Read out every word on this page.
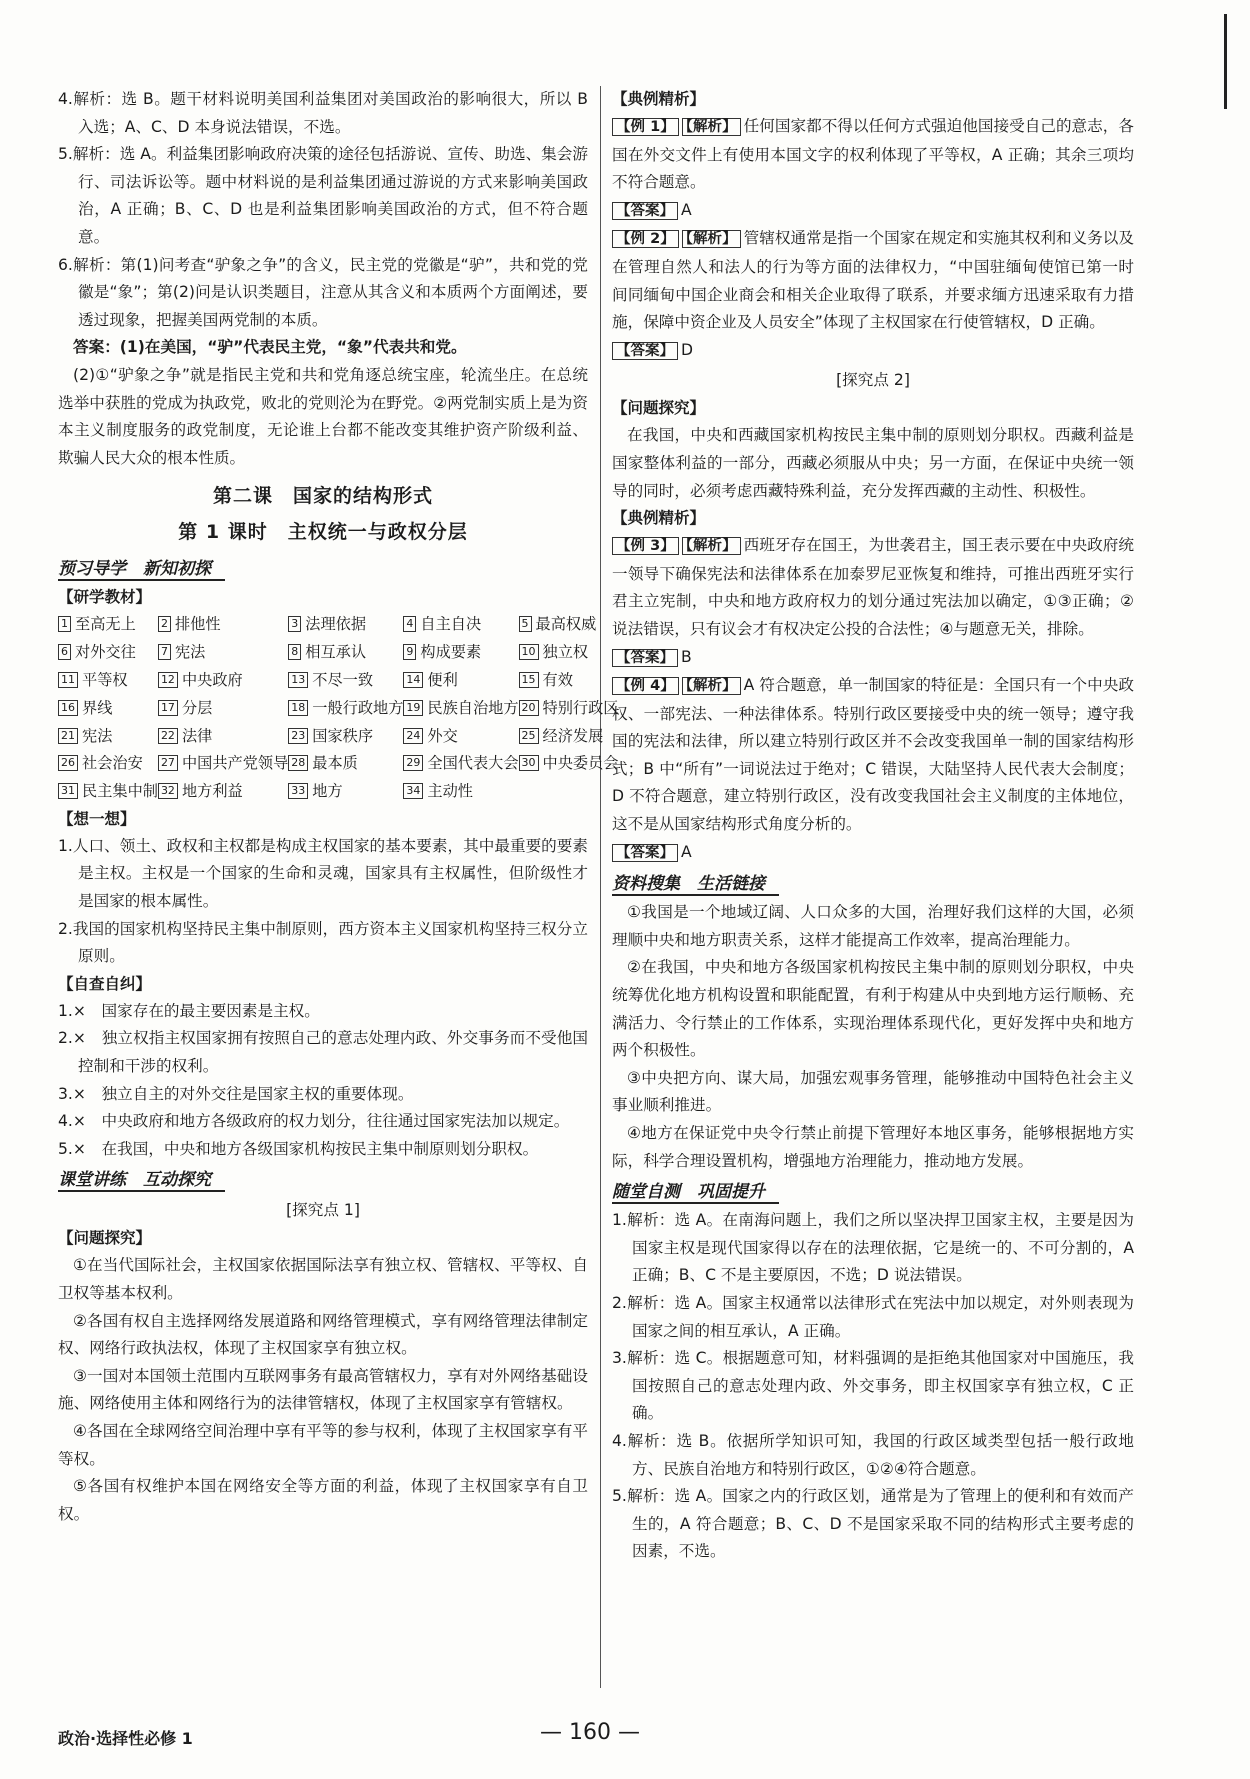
4.解析：选 B。题干材料说明美国利益集团对美国政治的影响很大，所以 B 入选；A、C、D 本身说法错误，不选。

5.解析：选 A。利益集团影响政府决策的途径包括游说、宣传、助选、集会游行、司法诉讼等。题中材料说的是利益集团通过游说的方式来影响美国政治，A 正确；B、C、D 也是利益集团影响美国政治的方式，但不符合题意。

6.解析：第(1)问考查“驴象之争”的含义，民主党的党徽是“驴”，共和党的党徽是“象”；第(2)问是认识类题目，注意从其含义和本质两个方面阐述，要透过现象，把握美国两党制的本质。

答案：(1)在美国，“驴”代表民主党，“象”代表共和党。

(2)①“驴象之争”就是指民主党和共和党角逐总统宝座，轮流坐庄。在总统选举中获胜的党成为执政党，败北的党则沦为在野党。②两党制实质上是为资本主义制度服务的政党制度，无论谁上台都不能改变其维护资产阶级利益、欺骗人民大众的根本性质。

第二课　国家的结构形式
第 1 课时　主权统一与政权分层
预习导学　新知初探
【研学教材】
1 至高无上	2 排他性	3 法理依据	4 自主自决	5 最高权威
6 对外交往	7 宪法	8 相互承认	9 构成要素	10 独立权
11 平等权	12 中央政府	13 不尽一致	14 便利	15 有效
16 界线	17 分层	18 一般行政地方 19 民族自治地方 20 特别行政区
21 宪法	22 法律	23 国家秩序	24 外交	25 经济发展
26 社会治安	27 中国共产党领导 28 最本质	29 全国代表大会 30 中央委员会
31 民主集中制 32 地方利益	33 地方	34 主动性
【想一想】

1.人口、领土、政权和主权都是构成主权国家的基本要素，其中最重要的要素是主权。主权是一个国家的生命和灵魂，国家具有主权属性，但阶级性才是国家的根本属性。

2.我国的国家机构坚持民主集中制原则，西方资本主义国家机构坚持三权分立原则。

【自查自纠】

1.×　国家存在的最主要因素是主权。

2.×　独立权指主权国家拥有按照自己的意志处理内政、外交事务而不受他国控制和干涉的权利。

3.×　独立自主的对外交往是国家主权的重要体现。

4.×　中央政府和地方各级政府的权力划分，往往通过国家宪法加以规定。

5.×　在我国，中央和地方各级国家机构按民主集中制原则划分职权。

课堂讲练　互动探究
[探究点 1]
【问题探究】

①在当代国际社会，主权国家依据国际法享有独立权、管辖权、平等权、自卫权等基本权利。

②各国有权自主选择网络发展道路和网络管理模式，享有网络管理法律制定权、网络行政执法权，体现了主权国家享有独立权。

③一国对本国领土范围内互联网事务有最高管辖权力，享有对外网络基础设施、网络使用主体和网络行为的法律管辖权，体现了主权国家享有管辖权。

④各国在全球网络空间治理中享有平等的参与权利，体现了主权国家享有平等权。

⑤各国有权维护本国在网络安全等方面的利益，体现了主权国家享有自卫权。

【典例精析】

【例 1】 【解析】 任何国家都不得以任何方式强迫他国接受自己的意志，各国在外交文件上有使用本国文字的权利体现了平等权，A 正确；其余三项均不符合题意。

【答案】 A

【例 2】 【解析】 管辖权通常是指一个国家在规定和实施其权利和义务以及在管理自然人和法人的行为等方面的法律权力，“中国驻缅甸使馆已第一时间同缅甸中国企业商会和相关企业取得了联系，并要求缅方迅速采取有力措施，保障中资企业及人员安全”体现了主权国家在行使管辖权，D 正确。

【答案】 D

[探究点 2]
【问题探究】

在我国，中央和西藏国家机构按民主集中制的原则划分职权。西藏利益是国家整体利益的一部分，西藏必须服从中央；另一方面，在保证中央统一领导的同时，必须考虑西藏特殊利益，充分发挥西藏的主动性、积极性。

【典例精析】

【例 3】 【解析】 西班牙存在国王，为世袭君主，国王表示要在中央政府统一领导下确保宪法和法律体系在加泰罗尼亚恢复和维持，可推出西班牙实行君主立宪制，中央和地方政府权力的划分通过宪法加以确定，①③正确；②说法错误，只有议会才有权决定公投的合法性；④与题意无关，排除。

【答案】 B

【例 4】 【解析】 A 符合题意，单一制国家的特征是：全国只有一个中央政权、一部宪法、一种法律体系。特别行政区要接受中央的统一领导；遵守我国的宪法和法律，所以建立特别行政区并不会改变我国单一制的国家结构形式；B 中“所有”一词说法过于绝对；C 错误，大陆坚持人民代表大会制度；D 不符合题意，建立特别行政区，没有改变我国社会主义制度的主体地位，这不是从国家结构形式角度分析的。

【答案】 A

资料搜集　生活链接

①我国是一个地域辽阔、人口众多的大国，治理好我们这样的大国，必须理顺中央和地方职责关系，这样才能提高工作效率，提高治理能力。

②在我国，中央和地方各级国家机构按民主集中制的原则划分职权，中央统筹优化地方机构设置和职能配置，有利于构建从中央到地方运行顺畅、充满活力、令行禁止的工作体系，实现治理体系现代化，更好发挥中央和地方两个积极性。

③中央把方向、谋大局，加强宏观事务管理，能够推动中国特色社会主义事业顺利推进。

④地方在保证党中央令行禁止前提下管理好本地区事务，能够根据地方实际，科学合理设置机构，增强地方治理能力，推动地方发展。

随堂自测　巩固提升

1.解析：选 A。在南海问题上，我们之所以坚决捍卫国家主权，主要是因为国家主权是现代国家得以存在的法理依据，它是统一的、不可分割的，A 正确；B、C 不是主要原因，不选；D 说法错误。

2.解析：选 A。国家主权通常以法律形式在宪法中加以规定，对外则表现为国家之间的相互承认，A 正确。

3.解析：选 C。根据题意可知，材料强调的是拒绝其他国家对中国施压，我国按照自己的意志处理内政、外交事务，即主权国家享有独立权，C 正确。

4.解析：选 B。依据所学知识可知，我国的行政区域类型包括一般行政地方、民族自治地方和特别行政区，①②④符合题意。

5.解析：选 A。国家之内的行政区划，通常是为了管理上的便利和有效而产生的，A 符合题意；B、C、D 不是国家采取不同的结构形式主要考虑的因素，不选。

政治·选择性必修 1	— 160 —
